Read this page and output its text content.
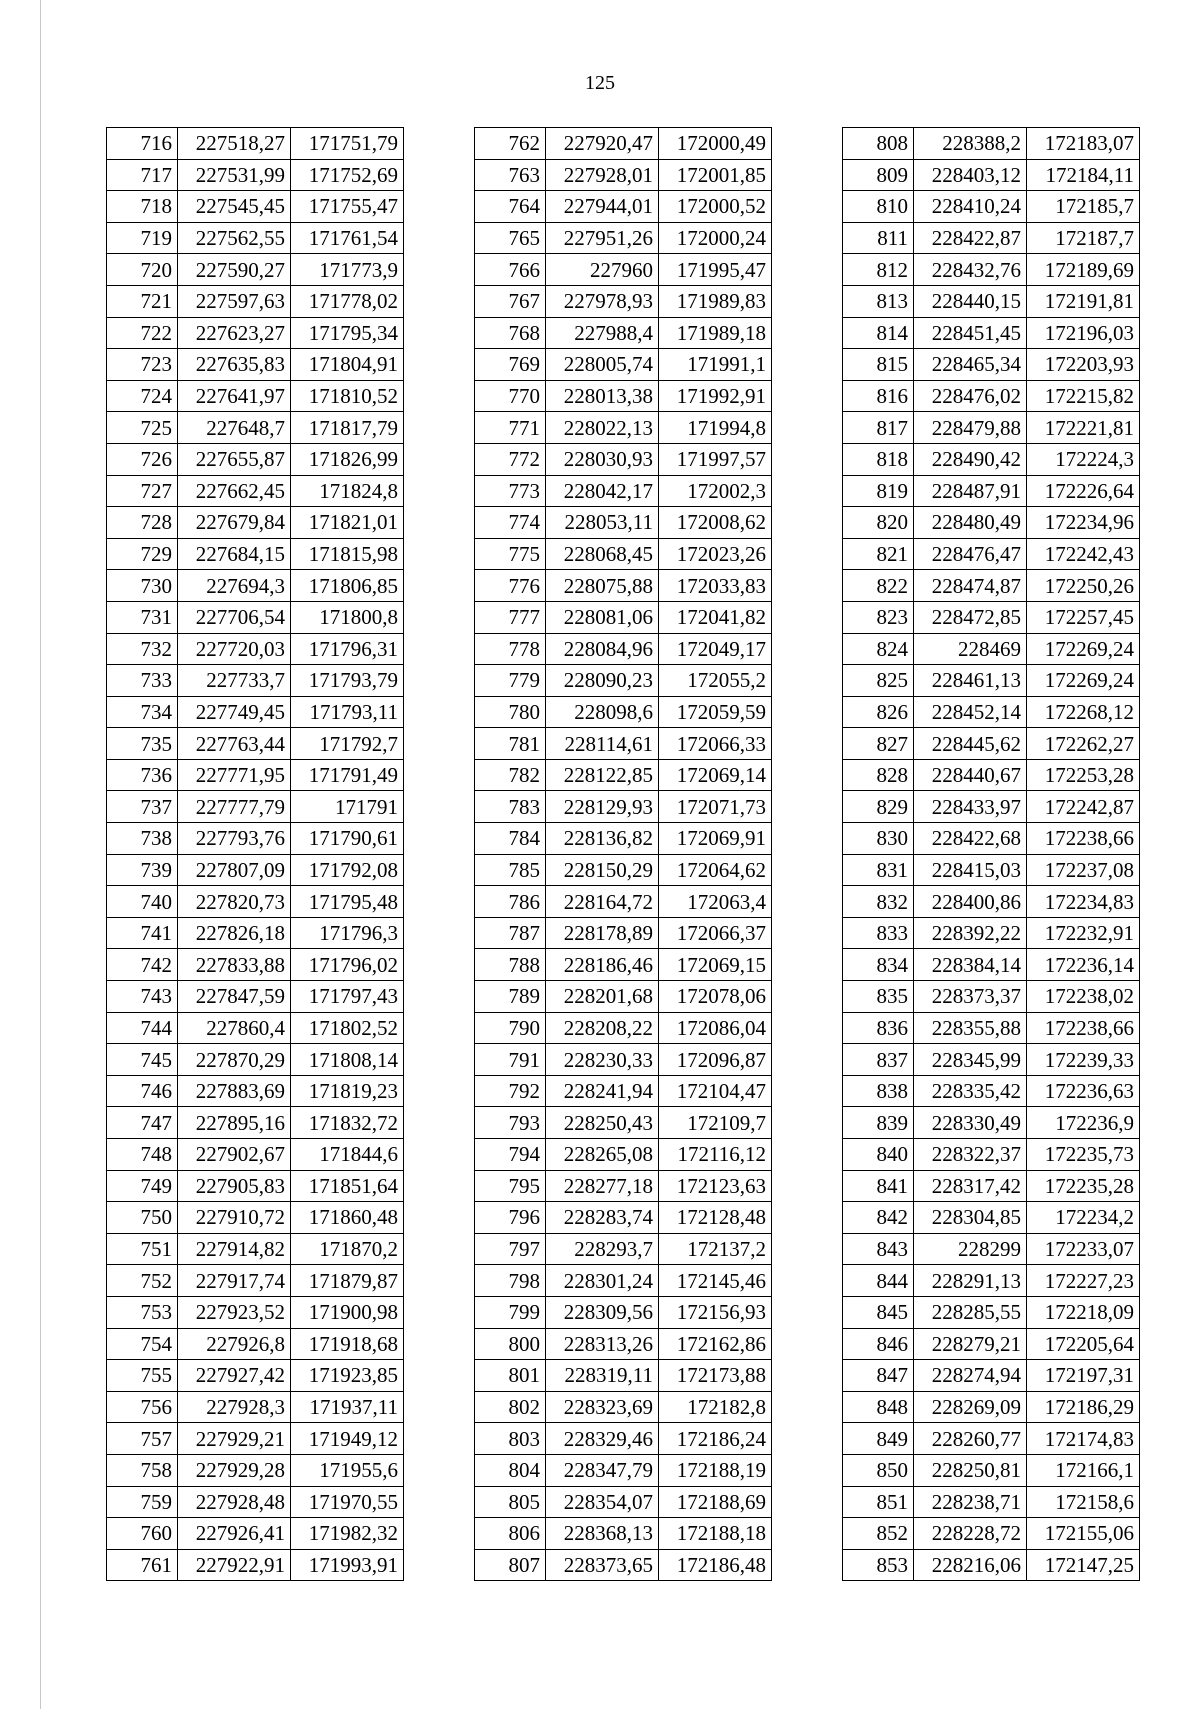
125
716	227518,27	171751,79
717	227531,99	171752,69
718	227545,45	171755,47
719	227562,55	171761,54
720	227590,27	171773,9
721	227597,63	171778,02
722	227623,27	171795,34
723	227635,83	171804,91
724	227641,97	171810,52
725	227648,7	171817,79
726	227655,87	171826,99
727	227662,45	171824,8
728	227679,84	171821,01
729	227684,15	171815,98
730	227694,3	171806,85
731	227706,54	171800,8
732	227720,03	171796,31
733	227733,7	171793,79
734	227749,45	171793,11
735	227763,44	171792,7
736	227771,95	171791,49
737	227777,79	171791
738	227793,76	171790,61
739	227807,09	171792,08
740	227820,73	171795,48
741	227826,18	171796,3
742	227833,88	171796,02
743	227847,59	171797,43
744	227860,4	171802,52
745	227870,29	171808,14
746	227883,69	171819,23
747	227895,16	171832,72
748	227902,67	171844,6
749	227905,83	171851,64
750	227910,72	171860,48
751	227914,82	171870,2
752	227917,74	171879,87
753	227923,52	171900,98
754	227926,8	171918,68
755	227927,42	171923,85
756	227928,3	171937,11
757	227929,21	171949,12
758	227929,28	171955,6
759	227928,48	171970,55
760	227926,41	171982,32
761	227922,91	171993,91
762	227920,47	172000,49
763	227928,01	172001,85
764	227944,01	172000,52
765	227951,26	172000,24
766	227960	171995,47
767	227978,93	171989,83
768	227988,4	171989,18
769	228005,74	171991,1
770	228013,38	171992,91
771	228022,13	171994,8
772	228030,93	171997,57
773	228042,17	172002,3
774	228053,11	172008,62
775	228068,45	172023,26
776	228075,88	172033,83
777	228081,06	172041,82
778	228084,96	172049,17
779	228090,23	172055,2
780	228098,6	172059,59
781	228114,61	172066,33
782	228122,85	172069,14
783	228129,93	172071,73
784	228136,82	172069,91
785	228150,29	172064,62
786	228164,72	172063,4
787	228178,89	172066,37
788	228186,46	172069,15
789	228201,68	172078,06
790	228208,22	172086,04
791	228230,33	172096,87
792	228241,94	172104,47
793	228250,43	172109,7
794	228265,08	172116,12
795	228277,18	172123,63
796	228283,74	172128,48
797	228293,7	172137,2
798	228301,24	172145,46
799	228309,56	172156,93
800	228313,26	172162,86
801	228319,11	172173,88
802	228323,69	172182,8
803	228329,46	172186,24
804	228347,79	172188,19
805	228354,07	172188,69
806	228368,13	172188,18
807	228373,65	172186,48
808	228388,2	172183,07
809	228403,12	172184,11
810	228410,24	172185,7
811	228422,87	172187,7
812	228432,76	172189,69
813	228440,15	172191,81
814	228451,45	172196,03
815	228465,34	172203,93
816	228476,02	172215,82
817	228479,88	172221,81
818	228490,42	172224,3
819	228487,91	172226,64
820	228480,49	172234,96
821	228476,47	172242,43
822	228474,87	172250,26
823	228472,85	172257,45
824	228469	172269,24
825	228461,13	172269,24
826	228452,14	172268,12
827	228445,62	172262,27
828	228440,67	172253,28
829	228433,97	172242,87
830	228422,68	172238,66
831	228415,03	172237,08
832	228400,86	172234,83
833	228392,22	172232,91
834	228384,14	172236,14
835	228373,37	172238,02
836	228355,88	172238,66
837	228345,99	172239,33
838	228335,42	172236,63
839	228330,49	172236,9
840	228322,37	172235,73
841	228317,42	172235,28
842	228304,85	172234,2
843	228299	172233,07
844	228291,13	172227,23
845	228285,55	172218,09
846	228279,21	172205,64
847	228274,94	172197,31
848	228269,09	172186,29
849	228260,77	172174,83
850	228250,81	172166,1
851	228238,71	172158,6
852	228228,72	172155,06
853	228216,06	172147,25
